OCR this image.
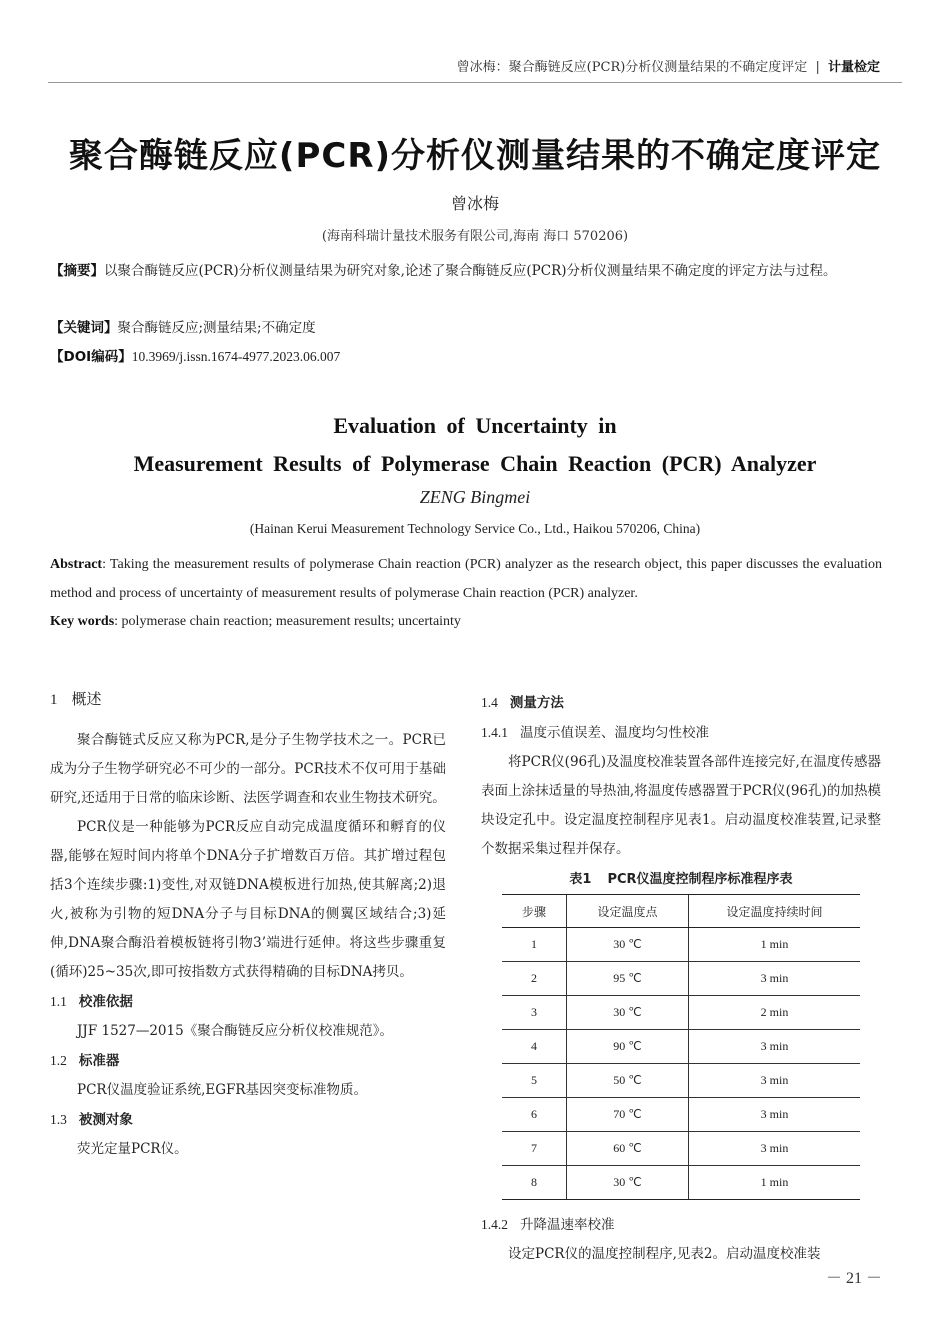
曾冰梅：聚合酶链反应(PCR)分析仪测量结果的不确定度评定 | 计量检定
聚合酶链反应(PCR)分析仪测量结果的不确定度评定
曾冰梅
(海南科瑞计量技术服务有限公司,海南 海口 570206)
【摘要】以聚合酶链反应(PCR)分析仪测量结果为研究对象,论述了聚合酶链反应(PCR)分析仪测量结果不确定度的评定方法与过程。
【关键词】聚合酶链反应;测量结果;不确定度
【DOI编码】10.3969/j.issn.1674-4977.2023.06.007
Evaluation of Uncertainty in
Measurement Results of Polymerase Chain Reaction (PCR) Analyzer
ZENG Bingmei
(Hainan Kerui Measurement Technology Service Co., Ltd., Haikou 570206, China)
Abstract: Taking the measurement results of polymerase Chain reaction (PCR) analyzer as the research object, this paper discusses the evaluation method and process of uncertainty of measurement results of polymerase Chain reaction (PCR) analyzer.
Key words: polymerase chain reaction; measurement results; uncertainty
1 概述

聚合酶链式反应又称为PCR,是分子生物学技术之一。PCR已成为分子生物学研究必不可少的一部分。PCR技术不仅可用于基础研究,还适用于日常的临床诊断、法医学调查和农业生物技术研究。

PCR仪是一种能够为PCR反应自动完成温度循环和孵育的仪器,能够在短时间内将单个DNA分子扩增数百万倍。其扩增过程包括3个连续步骤:1)变性,对双链DNA模板进行加热,使其解离;2)退火,被称为引物的短DNA分子与目标DNA的侧翼区域结合;3)延伸,DNA聚合酶沿着模板链将引物3’端进行延伸。将这些步骤重复(循环)25~35次,即可按指数方式获得精确的目标DNA拷贝。

1.1 校准依据

JJF 1527—2015《聚合酶链反应分析仪校准规范》。

1.2 标准器

PCR仪温度验证系统,EGFR基因突变标准物质。

1.3 被测对象

荧光定量PCR仪。

1.4 测量方法
1.4.1 温度示值误差、温度均匀性校准

将PCR仪(96孔)及温度校准装置各部件连接完好,在温度传感器表面上涂抹适量的导热油,将温度传感器置于PCR仪(96孔)的加热模块设定孔中。设定温度控制程序见表1。启动温度校准装置,记录整个数据采集过程并保存。

表1 PCR仪温度控制程序标准程序表
步骤	设定温度点	设定温度持续时间
1	30 ℃	1 min
2	95 ℃	3 min
3	30 ℃	2 min
4	90 ℃	3 min
5	50 ℃	3 min
6	70 ℃	3 min
7	60 ℃	3 min
8	30 ℃	1 min
1.4.2 升降温速率校准

设定PCR仪的温度控制程序,见表2。启动温度校准装

－ 21 －
